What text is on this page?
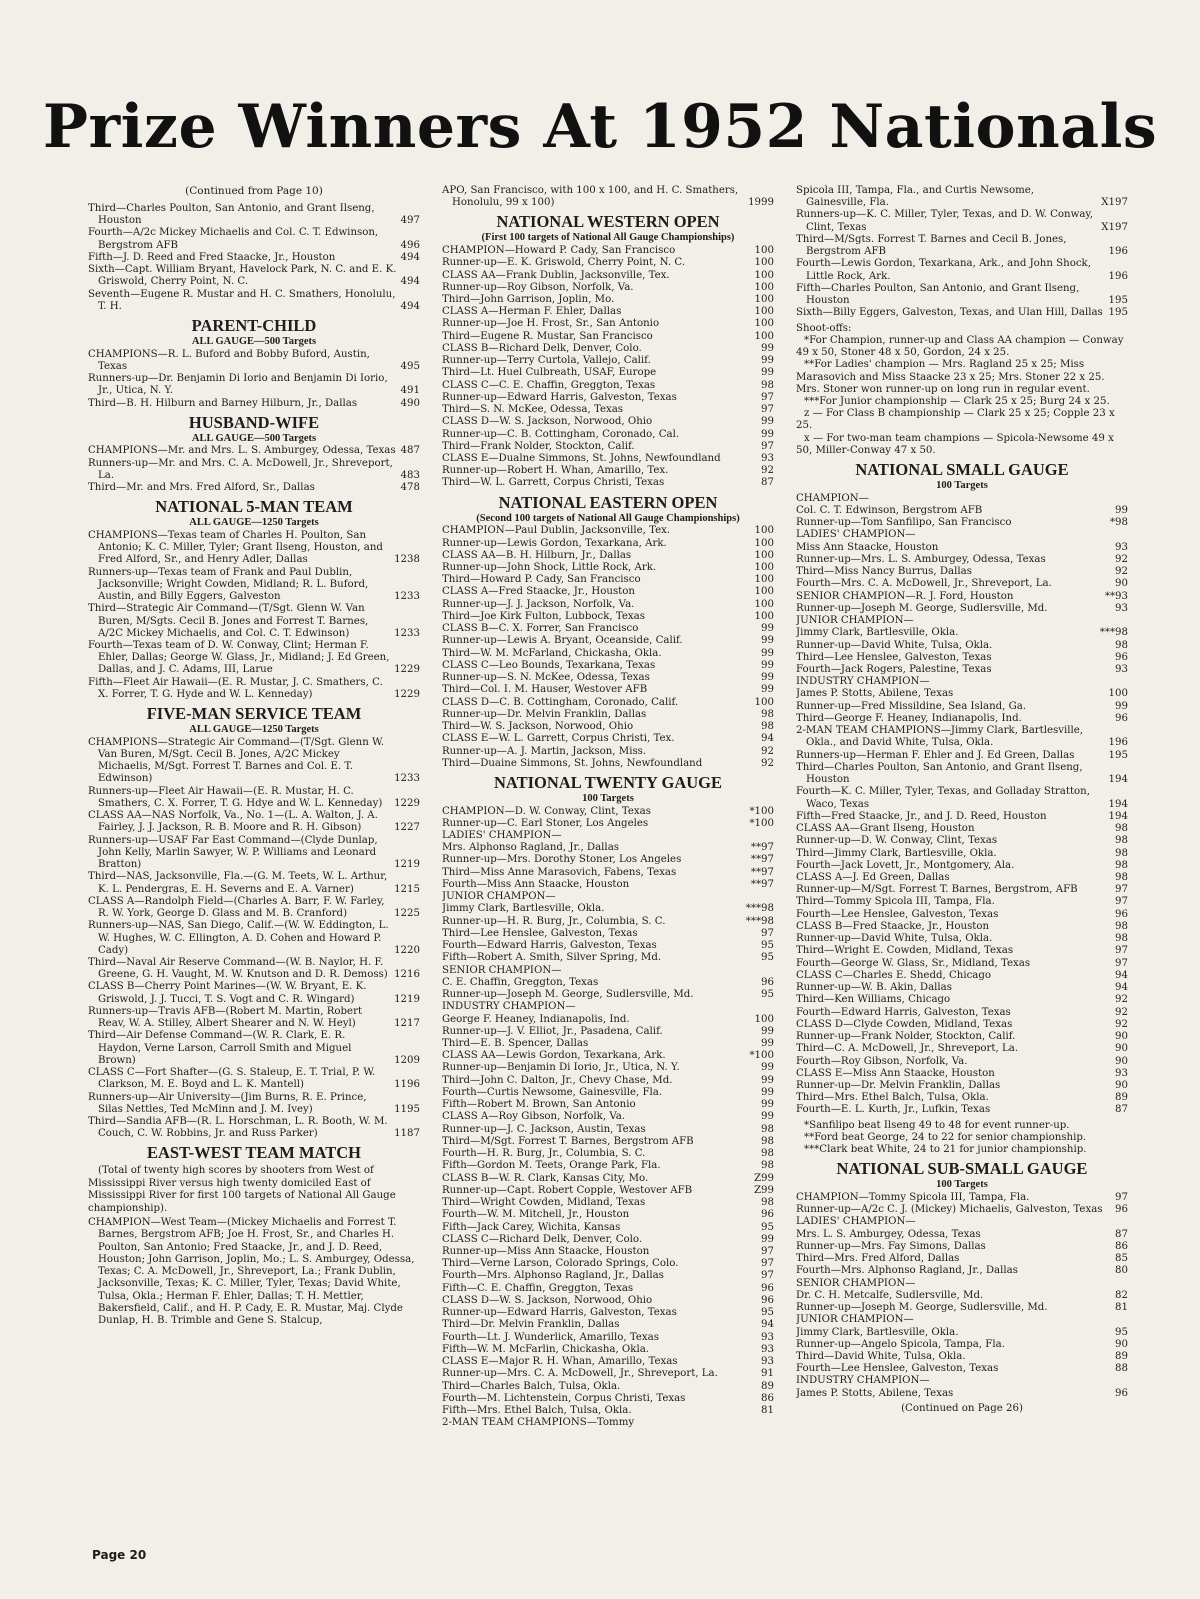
Prize Winners At 1952 Nationals
(Continued from Page 10)
Third—Charles Poulton, San Antonio, and Grant Ilseng, Houston	497
Fourth—A/2c Mickey Michaelis and Col. C. T. Edwinson, Bergstrom AFB	496
Fifth—J. D. Reed and Fred Staacke, Jr., Houston	494
Sixth—Capt. William Bryant, Havelock Park, N. C. and E. K. Griswold, Cherry Point, N. C.	494
Seventh—Eugene R. Mustar and H. C. Smathers, Honolulu, T. H.	494
PARENT-CHILD
ALL GAUGE—500 Targets
CHAMPIONS—R. L. Buford and Bobby Buford, Austin, Texas	495
Runners-up—Dr. Benjamin Di Iorio and Benjamin Di Iorio, Jr., Utica, N. Y.	491
Third—B. H. Hilburn and Barney Hilburn, Jr., Dallas	490
HUSBAND-WIFE
ALL GAUGE—500 Targets
CHAMPIONS—Mr. and Mrs. L. S. Amburgey, Odessa, Texas 487
Runners-up—Mr. and Mrs. C. A. McDowell, Jr., Shreveport, La.	483
Third—Mr. and Mrs. Fred Alford, Sr., Dallas	478
NATIONAL 5-MAN TEAM
ALL GAUGE—1250 Targets
CHAMPIONS—Texas team of Charles H. Poulton, San Antonio; K. C. Miller, Tyler; Grant Ilseng, Houston, and Fred Alford, Sr., and Henry Adler, Dallas	1238
Runners-up—Texas team of Frank and Paul Dublin, Jacksonville; Wright Cowden, Midland; R. L. Buford, Austin, and Billy Eggers, Galveston	1233
Third—Strategic Air Command—(T/Sgt. Glenn W. Van Buren, M/Sgts. Cecil B. Jones and Forrest T. Barnes, A/2C Mickey Michaelis, and Col. C. T. Edwinson)	1233
Fourth—Texas team of D. W. Conway, Clint; Herman F. Ehler, Dallas; George W. Glass, Jr., Midland; J. Ed Green, Dallas, and J. C. Adams, III, Larue	1229
Fifth—Fleet Air Hawaii—(E. R. Mustar, J. C. Smathers, C. X. Forrer, T. G. Hyde and W. L. Kenneday)	1229
FIVE-MAN SERVICE TEAM
ALL GAUGE—1250 Targets
CHAMPIONS—Strategic Air Command—(T/Sgt. Glenn W. Van Buren, M/Sgt. Cecil B. Jones, A/2C Mickey Michaelis, M/Sgt. Forrest T. Barnes and Col. E. T. Edwinson)	1233
Runners-up—Fleet Air Hawaii—(E. R. Mustar, H. C. Smathers, C. X. Forrer, T. G. Hdye and W. L. Kenneday)	1229
CLASS AA—NAS Norfolk, Va., No. 1—(L. A. Walton, J. A. Fairley, J. J. Jackson, R. B. Moore and R. H. Gibson)	1227
Runners-up—USAF Far East Command—(Clyde Dunlap, John Kelly, Marlin Sawyer, W. P. Williams and Leonard Bratton)	1219
Third—NAS, Jacksonville, Fla.—(G. M. Teets, W. L. Arthur, K. L. Pendergras, E. H. Severns and E. A. Varner)	1215
CLASS A—Randolph Field—(Charles A. Barr, F. W. Farley, R. W. York, George D. Glass and M. B. Cranford)	1225
Runners-up—NAS, San Diego, Calif.—(W. W. Eddington, L. W. Hughes, W. C. Ellington, A. D. Cohen and Howard P. Cady)	1220
Third—Naval Air Reserve Command—(W. B. Naylor, H. F. Greene, G. H. Vaught, M. W. Knutson and D. R. Demoss) 1216
CLASS B—Cherry Point Marines—(W. W. Bryant, E. K. Griswold, J. J. Tucci, T. S. Vogt and C. R. Wingard)	1219
Runners-up—Travis AFB—(Robert M. Martin, Robert Reav, W. A. Stilley, Albert Shearer and N. W. Heyl)	1217
Third—Air Defense Command—(W. R. Clark, E. R. Haydon, Verne Larson, Carroll Smith and Miguel Brown)	1209
CLASS C—Fort Shafter—(G. S. Staleup, E. T. Trial, P. W. Clarkson, M. E. Boyd and L. K. Mantell)	1196
Runners-up—Air University—(Jim Burns, R. E. Prince, Silas Nettles, Ted McMinn and J. M. Ivey)	1195
Third—Sandia AFB—(R. L. Horschman, L. R. Booth, W. M. Couch, C. W. Robbins, Jr. and Russ Parker)	1187
EAST-WEST TEAM MATCH
(Total of twenty high scores by shooters from West of Mississippi River versus high twenty domiciled East of Mississippi River for first 100 targets of National All Gauge championship).
CHAMPION—West Team—(Mickey Michaelis and Forrest T. Barnes, Bergstrom AFB; Joe H. Frost, Sr., and Charles H. Poulton, San Antonio; Fred Staacke, Jr., and J. D. Reed, Houston; John Garrison, Joplin, Mo.; L. S. Amburgey, Odessa, Texas; C. A. McDowell, Jr., Shreveport, La.; Frank Dublin, Jacksonville, Texas; K. C. Miller, Tyler, Texas; David White, Tulsa, Okla.; Herman F. Ehler, Dallas; T. H. Mettler, Bakersfield, Calif., and H. P. Cady, E. R. Mustar, Maj. Clyde Dunlap, H. B. Trimble and Gene S. Stalcup,
APO, San Francisco, with 100 x 100, and H. C. Smathers, Honolulu, 99 x 100)	1999
NATIONAL WESTERN OPEN
(First 100 targets of National All Gauge Championships)
CHAMPION—Howard P. Cady, San Francisco	100
Runner-up—E. K. Griswold, Cherry Point, N. C.	100
CLASS AA—Frank Dublin, Jacksonville, Tex.	100
Runner-up—Roy Gibson, Norfolk, Va.	100
Third—John Garrison, Joplin, Mo.	100
CLASS A—Herman F. Ehler, Dallas	100
Runner-up—Joe H. Frost, Sr., San Antonio	100
Third—Eugene R. Mustar, San Francisco	100
CLASS B—Richard Delk, Denver, Colo.	99
Runner-up—Terry Curtola, Vallejo, Calif.	99
Third—Lt. Huel Culbreath, USAF, Europe	99
CLASS C—C. E. Chaffin, Greggton, Texas	98
Runner-up—Edward Harris, Galveston, Texas	97
Third—S. N. McKee, Odessa, Texas	97
CLASS D—W. S. Jackson, Norwood, Ohio	99
Runner-up—C. B. Cottingham, Coronado, Cal.	99
Third—Frank Nolder, Stockton, Calif.	97
CLASS E—Dualne Simmons, St. Johns, Newfoundland	93
Runner-up—Robert H. Whan, Amarillo, Tex.	92
Third—W. L. Garrett, Corpus Christi, Texas	87
NATIONAL EASTERN OPEN
(Second 100 targets of National All Gauge Championships)
CHAMPION—Paul Dublin, Jacksonville, Tex.	100
Runner-up—Lewis Gordon, Texarkana, Ark.	100
CLASS AA—B. H. Hilburn, Jr., Dallas	100
Runner-up—John Shock, Little Rock, Ark.	100
Third—Howard P. Cady, San Francisco	100
CLASS A—Fred Staacke, Jr., Houston	100
Runner-up—J. J. Jackson, Norfolk, Va.	100
Third—Joe Kirk Fulton, Lubbock, Texas	100
CLASS B—C. X. Forrer, San Francisco	99
Runner-up—Lewis A. Bryant, Oceanside, Calif.	99
Third—W. M. McFarland, Chickasha, Okla.	99
CLASS C—Leo Bounds, Texarkana, Texas	99
Runner-up—S. N. McKee, Odessa, Texas	99
Third—Col. I. M. Hauser, Westover AFB	99
CLASS D—C. B. Cottingham, Coronado, Calif.	100
Runner-up—Dr. Melvin Franklin, Dallas	98
Third—W. S. Jackson, Norwood, Ohio	98
CLASS E—W. L. Garrett, Corpus Christi, Tex.	94
Runner-up—A. J. Martin, Jackson, Miss.	92
Third—Duaine Simmons, St. Johns, Newfoundland	92
NATIONAL TWENTY GAUGE
100 Targets
CHAMPION—D. W. Conway, Clint, Texas	*100
Runner-up—C. Earl Stoner, Los Angeles	*100
LADIES' CHAMPION—
Mrs. Alphonso Ragland, Jr., Dallas	**97
Runner-up—Mrs. Dorothy Stoner, Los Angeles	**97
Third—Miss Anne Marasovich, Fabens, Texas	**97
Fourth—Miss Ann Staacke, Houston	**97
JUNIOR CHAMPON—
Jimmy Clark, Bartlesville, Okla.	***98
Runner-up—H. R. Burg, Jr., Columbia, S. C.	***98
Third—Lee Henslee, Galveston, Texas	97
Fourth—Edward Harris, Galveston, Texas	95
Fifth—Robert A. Smith, Silver Spring, Md.	95
SENIOR CHAMPION—
C. E. Chaffin, Greggton, Texas	96
Runner-up—Joseph M. George, Sudlersville, Md.	95
INDUSTRY CHAMPION—
George F. Heaney, Indianapolis, Ind.	100
Runner-up—J. V. Elliot, Jr., Pasadena, Calif.	99
Third—E. B. Spencer, Dallas	99
CLASS AA—Lewis Gordon, Texarkana, Ark.	*100
Runner-up—Benjamin Di Iorio, Jr., Utica, N. Y.	99
Third—John C. Dalton, Jr., Chevy Chase, Md.	99
Fourth—Curtis Newsome, Gainesville, Fla.	99
Fifth—Robert M. Brown, San Antonio	99
CLASS A—Roy Gibson, Norfolk, Va.	99
Runner-up—J. C. Jackson, Austin, Texas	98
Third—M/Sgt. Forrest T. Barnes, Bergstrom AFB	98
Fourth—H. R. Burg, Jr., Columbia, S. C.	98
Fifth—Gordon M. Teets, Orange Park, Fla.	98
CLASS B—W. R. Clark, Kansas City, Mo.	Z99
Runner-up—Capt. Robert Copple, Westover AFB	Z99
Third—Wright Cowden, Midland, Texas	98
Fourth—W. M. Mitchell, Jr., Houston	96
Fifth—Jack Carey, Wichita, Kansas	95
CLASS C—Richard Delk, Denver, Colo.	99
Runner-up—Miss Ann Staacke, Houston	97
Third—Verne Larson, Colorado Springs, Colo.	97
Fourth—Mrs. Alphonso Ragland, Jr., Dallas	97
Fifth—C. E. Chaffin, Greggton, Texas	96
CLASS D—W. S. Jackson, Norwood, Ohio	96
Runner-up—Edward Harris, Galveston, Texas	95
Third—Dr. Melvin Franklin, Dallas	94
Fourth—Lt. J. Wunderlick, Amarillo, Texas	93
Fifth—W. M. McFarlin, Chickasha, Okla.	93
CLASS E—Major R. H. Whan, Amarillo, Texas	93
Runner-up—Mrs. C. A. McDowell, Jr., Shreveport, La.	91
Third—Charles Balch, Tulsa, Okla.	89
Fourth—M. Lichtenstein, Corpus Christi, Texas	86
Fifth—Mrs. Ethel Balch, Tulsa, Okla.	81
2-MAN TEAM CHAMPIONS—Tommy
Spicola III, Tampa, Fla., and Curtis Newsome, Gainesville, Fla.	X197
Runners-up—K. C. Miller, Tyler, Texas, and D. W. Conway, Clint, Texas	X197
Third—M/Sgts. Forrest T. Barnes and Cecil B. Jones, Bergstrom AFB	196
Fourth—Lewis Gordon, Texarkana, Ark., and John Shock, Little Rock, Ark.	196
Fifth—Charles Poulton, San Antonio, and Grant Ilseng, Houston	195
Sixth—Billy Eggers, Galveston, Texas, and Ulan Hill, Dallas 195
Shoot-offs:
*For Champion, runner-up and Class AA champion — Conway 49 x 50, Stoner 48 x 50, Gordon, 24 x 25.
**For Ladies' champion — Mrs. Ragland 25 x 25; Miss Marasovich and Miss Staacke 23 x 25; Mrs. Stoner 22 x 25. Mrs. Stoner won runner-up on long run in regular event.
***For Junior championship — Clark 25 x 25; Burg 24 x 25.
z — For Class B championship — Clark 25 x 25; Copple 23 x 25.
x — For two-man team champions — Spicola-Newsome 49 x 50, Miller-Conway 47 x 50.
NATIONAL SMALL GAUGE
100 Targets
CHAMPION—
Col. C. T. Edwinson, Bergstrom AFB	99
Runner-up—Tom Sanfilipo, San Francisco	*98
LADIES' CHAMPION—
Miss Ann Staacke, Houston	93
Runner-up—Mrs. L. S. Amburgey, Odessa, Texas	92
Third—Miss Nancy Burrus, Dallas	92
Fourth—Mrs. C. A. McDowell, Jr., Shreveport, La.	90
SENIOR CHAMPION—R. J. Ford, Houston	**93
Runner-up—Joseph M. George, Sudlersville, Md.	93
JUNIOR CHAMPION—
Jimmy Clark, Bartlesville, Okla.	***98
Runner-up—David White, Tulsa, Okla.	98
Third—Lee Henslee, Galveston, Texas	96
Fourth—Jack Rogers, Palestine, Texas	93
INDUSTRY CHAMPION—
James P. Stotts, Abilene, Texas	100
Runner-up—Fred Missildine, Sea Island, Ga.	99
Third—George F. Heaney, Indianapolis, Ind.	96
2-MAN TEAM CHAMPIONS—Jimmy Clark, Bartlesville, Okla., and David White, Tulsa, Okla.	196
Runners-up—Herman F. Ehler and J. Ed Green, Dallas	195
Third—Charles Poulton, San Antonio, and Grant Ilseng, Houston	194
Fourth—K. C. Miller, Tyler, Texas, and Golladay Stratton, Waco, Texas	194
Fifth—Fred Staacke, Jr., and J. D. Reed, Houston	194
CLASS AA—Grant Ilseng, Houston	98
Runner-up—D. W. Conway, Clint, Texas	98
Third—Jimmy Clark, Bartlesville, Okla.	98
Fourth—Jack Lovett, Jr., Montgomery, Ala.	98
CLASS A—J. Ed Green, Dallas	98
Runner-up—M/Sgt. Forrest T. Barnes, Bergstrom, AFB	97
Third—Tommy Spicola III, Tampa, Fla.	97
Fourth—Lee Henslee, Galveston, Texas	96
CLASS B—Fred Staacke, Jr., Houston	98
Runner-up—David White, Tulsa, Okla.	98
Third—Wright E. Cowden, Midland, Texas	97
Fourth—George W. Glass, Sr., Midland, Texas	97
CLASS C—Charles E. Shedd, Chicago	94
Runner-up—W. B. Akin, Dallas	94
Third—Ken Williams, Chicago	92
Fourth—Edward Harris, Galveston, Texas	92
CLASS D—Clyde Cowden, Midland, Texas	92
Runner-up—Frank Nolder, Stockton, Calif.	90
Third—C. A. McDowell, Jr., Shreveport, La.	90
Fourth—Roy Gibson, Norfolk, Va.	90
CLASS E—Miss Ann Staacke, Houston	93
Runner-up—Dr. Melvin Franklin, Dallas	90
Third—Mrs. Ethel Balch, Tulsa, Okla.	89
Fourth—E. L. Kurth, Jr., Lufkin, Texas	87
*Sanfilipo beat Ilseng 49 to 48 for event runner-up.
**Ford beat George, 24 to 22 for senior championship.
***Clark beat White, 24 to 21 for junior championship.
NATIONAL SUB-SMALL GAUGE
100 Targets
CHAMPION—Tommy Spicola III, Tampa, Fla.	97
Runner-up—A/2c C. J. (Mickey) Michaelis, Galveston, Texas	96
LADIES' CHAMPION—
Mrs. L. S. Amburgey, Odessa, Texas	87
Runner-up—Mrs. Fay Simons, Dallas	86
Third—Mrs. Fred Alford, Dallas	85
Fourth—Mrs. Alphonso Ragland, Jr., Dallas	80
SENIOR CHAMPION—
Dr. C. H. Metcalfe, Sudlersville, Md.	82
Runner-up—Joseph M. George, Sudlersville, Md.	81
JUNIOR CHAMPION—
Jimmy Clark, Bartlesville, Okla.	95
Runner-up—Angelo Spicola, Tampa, Fla.	90
Third—David White, Tulsa, Okla.	89
Fourth—Lee Henslee, Galveston, Texas	88
INDUSTRY CHAMPION—
James P. Stotts, Abilene, Texas	96
(Continued on Page 26)
Page 20
